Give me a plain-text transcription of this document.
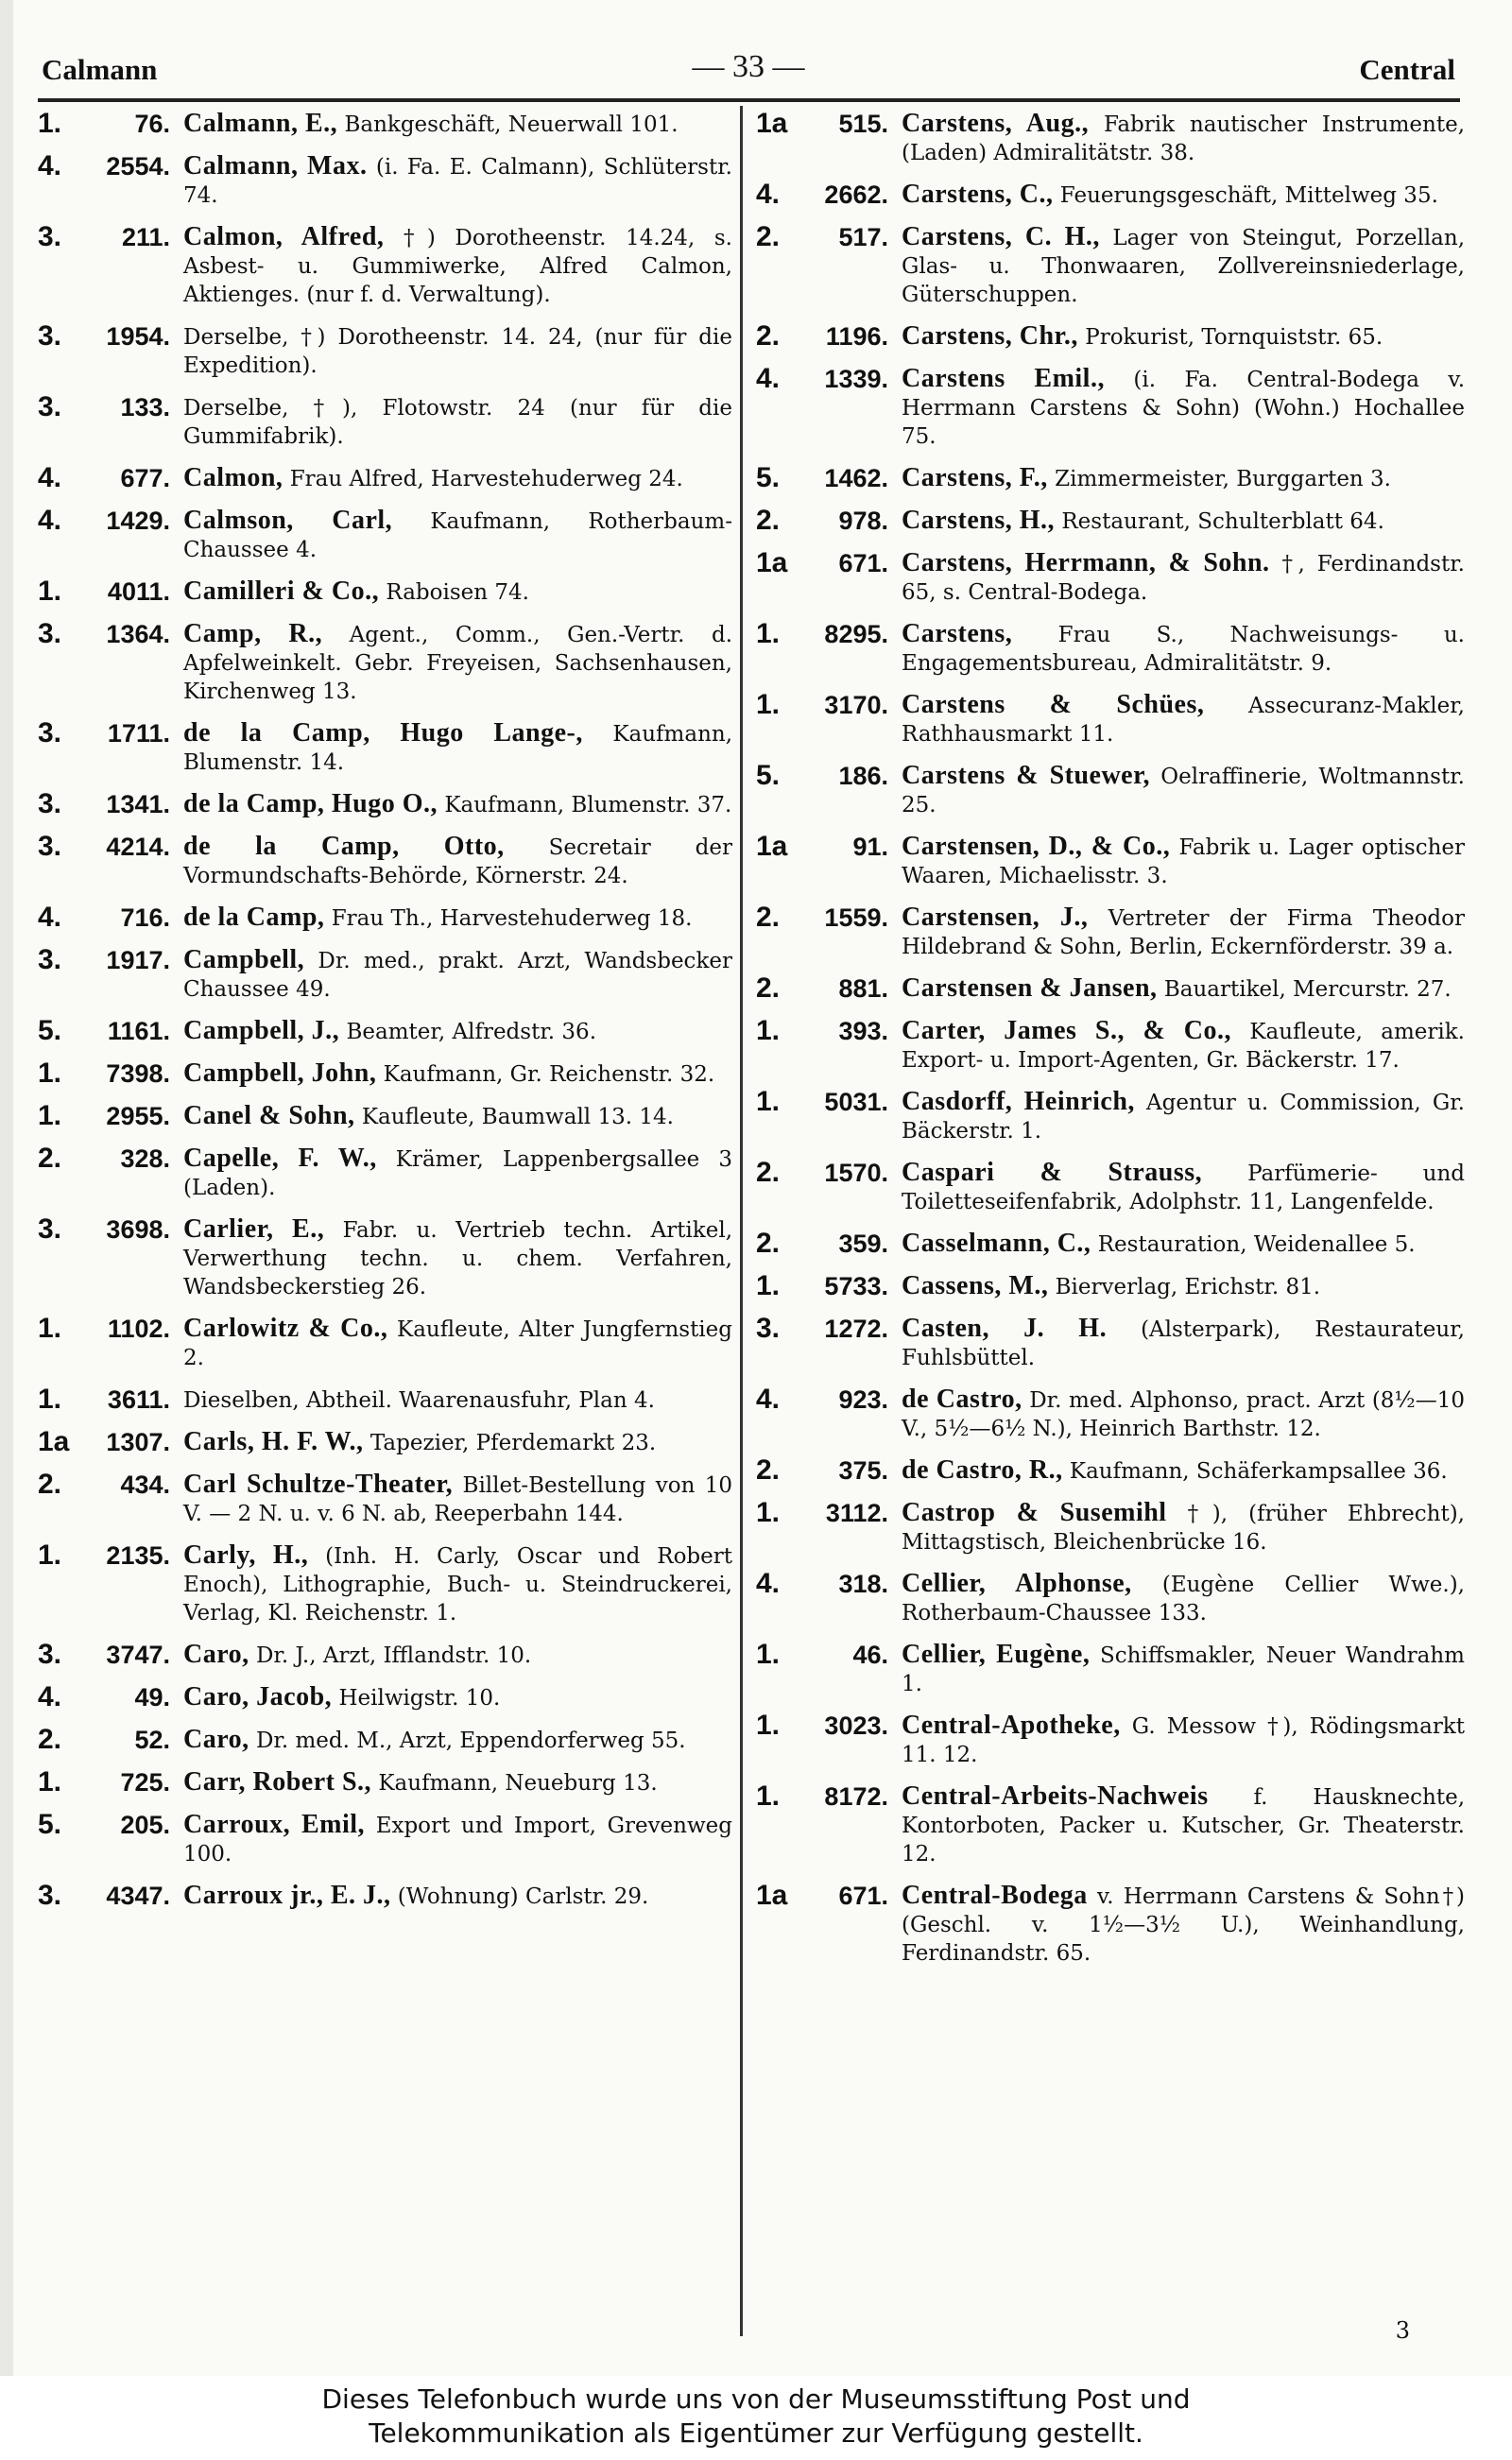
Calmann	— 33 —	Central
1.	76. Calmann, E., Bankgeschäft, Neuerwall 101.
4.	2554. Calmann, Max. (i. Fa. E. Calmann), Schlüterstr. 74.
3.	211. Calmon, Alfred, †) Dorotheenstr. 14.24, s. Asbest- u. Gummiwerke, Alfred Calmon, Aktienges. (nur f. d. Verwaltung).
3.	1954. Derselbe, †) Dorotheenstr. 14. 24, (nur für die Expedition).
3.	133. Derselbe, †), Flotowstr. 24 (nur für die Gummifabrik).
4.	677. Calmon, Frau Alfred, Harvestehuderweg 24.
4.	1429. Calmson, Carl, Kaufmann, Rotherbaum-Chaussee 4.
1.	4011. Camilleri & Co., Raboisen 74.
3.	1364. Camp, R., Agent., Comm., Gen.-Vertr. d. Apfelweinkelt. Gebr. Freyeisen, Sachsenhausen, Kirchenweg 13.
3.	1711. de la Camp, Hugo Lange-, Kaufmann, Blumenstr. 14.
3.	1341. de la Camp, Hugo O., Kaufmann, Blumenstr. 37.
3.	4214. de la Camp, Otto, Secretair der Vormundschafts-Behörde, Körnerstr. 24.
4.	716. de la Camp, Frau Th., Harvestehuderweg 18.
3.	1917. Campbell, Dr. med., prakt. Arzt, Wandsbecker Chaussee 49.
5.	1161. Campbell, J., Beamter, Alfredstr. 36.
1.	7398. Campbell, John, Kaufmann, Gr. Reichenstr. 32.
1.	2955. Canel & Sohn, Kaufleute, Baumwall 13. 14.
2.	328. Capelle, F. W., Krämer, Lappenbergsallee 3 (Laden).
3.	3698. Carlier, E., Fabr. u. Vertrieb techn. Artikel, Verwerthung techn. u. chem. Verfahren, Wandsbeckerstieg 26.
1.	1102. Carlowitz & Co., Kaufleute, Alter Jungfernstieg 2.
1.	3611. Dieselben, Abtheil. Waarenausfuhr, Plan 4.
1a	1307. Carls, H. F. W., Tapezier, Pferdemarkt 23.
2.	434. Carl Schultze-Theater, Billet-Bestellung von 10 V. — 2 N. u. v. 6 N. ab, Reeperbahn 144.
1.	2135. Carly, H., (Inh. H. Carly, Oscar und Robert Enoch), Lithographie, Buch- u. Steindruckerei, Verlag, Kl. Reichenstr. 1.
3.	3747. Caro, Dr. J., Arzt, Ifflandstr. 10.
4.	49. Caro, Jacob, Heilwigstr. 10.
2.	52. Caro, Dr. med. M., Arzt, Eppendorferweg 55.
1.	725. Carr, Robert S., Kaufmann, Neueburg 13.
5.	205. Carroux, Emil, Export und Import, Grevenweg 100.
3.	4347. Carroux jr., E. J., (Wohnung) Carlstr. 29.
1a	515. Carstens, Aug., Fabrik nautischer Instrumente, (Laden) Admiralitätstr. 38.
4.	2662. Carstens, C., Feuerungsgeschäft, Mittelweg 35.
2.	517. Carstens, C. H., Lager von Steingut, Porzellan, Glas- u. Thonwaaren, Zollvereinsniederlage, Güterschuppen.
2.	1196. Carstens, Chr., Prokurist, Tornquiststr. 65.
4.	1339. Carstens Emil., (i. Fa. Central-Bodega v. Herrmann Carstens & Sohn) (Wohn.) Hochallee 75.
5.	1462. Carstens, F., Zimmermeister, Burggarten 3.
2.	978. Carstens, H., Restaurant, Schulterblatt 64.
1a	671. Carstens, Herrmann, & Sohn. †, Ferdinandstr. 65, s. Central-Bodega.
1.	8295. Carstens, Frau S., Nachweisungs- u. Engagementsbureau, Admiralitätstr. 9.
1.	3170. Carstens & Schües, Assecuranz-Makler, Rathhausmarkt 11.
5.	186. Carstens & Stuewer, Oelraffinerie, Woltmannstr. 25.
1a	91. Carstensen, D., & Co., Fabrik u. Lager optischer Waaren, Michaelisstr. 3.
2.	1559. Carstensen, J., Vertreter der Firma Theodor Hildebrand & Sohn, Berlin, Eckernförderstr. 39 a.
2.	881. Carstensen & Jansen, Bauartikel, Mercurstr. 27.
1.	393. Carter, James S., & Co., Kaufleute, amerik. Export- u. Import-Agenten, Gr. Bäckerstr. 17.
1.	5031. Casdorff, Heinrich, Agentur u. Commission, Gr. Bäckerstr. 1.
2.	1570. Caspari & Strauss, Parfümerie- und Toiletteseifenfabrik, Adolphstr. 11, Langenfelde.
2.	359. Casselmann, C., Restauration, Weidenallee 5.
1.	5733. Cassens, M., Bierverlag, Erichstr. 81.
3.	1272. Casten, J. H. (Alsterpark), Restaurateur, Fuhlsbüttel.
4.	923. de Castro, Dr. med. Alphonso, pract. Arzt (8½—10 V., 5½—6½ N.), Heinrich Barthstr. 12.
2.	375. de Castro, R., Kaufmann, Schäferkampsallee 36.
1.	3112. Castrop & Susemihl †), (früher Ehbrecht), Mittagstisch, Bleichenbrücke 16.
4.	318. Cellier, Alphonse, (Eugène Cellier Wwe.), Rotherbaum-Chaussee 133.
1.	46. Cellier, Eugène, Schiffsmakler, Neuer Wandrahm 1.
1.	3023. Central-Apotheke, G. Messow †), Rödingsmarkt 11. 12.
1.	8172. Central-Arbeits-Nachweis f. Hausknechte, Kontorboten, Packer u. Kutscher, Gr. Theaterstr. 12.
1a	671. Central-Bodega v. Herrmann Carstens & Sohn†) (Geschl. v. 1½—3½ U.), Weinhandlung, Ferdinandstr. 65.
3
Dieses Telefonbuch wurde uns von der Museumsstiftung Post und
Telekommunikation als Eigentümer zur Verfügung gestellt.
